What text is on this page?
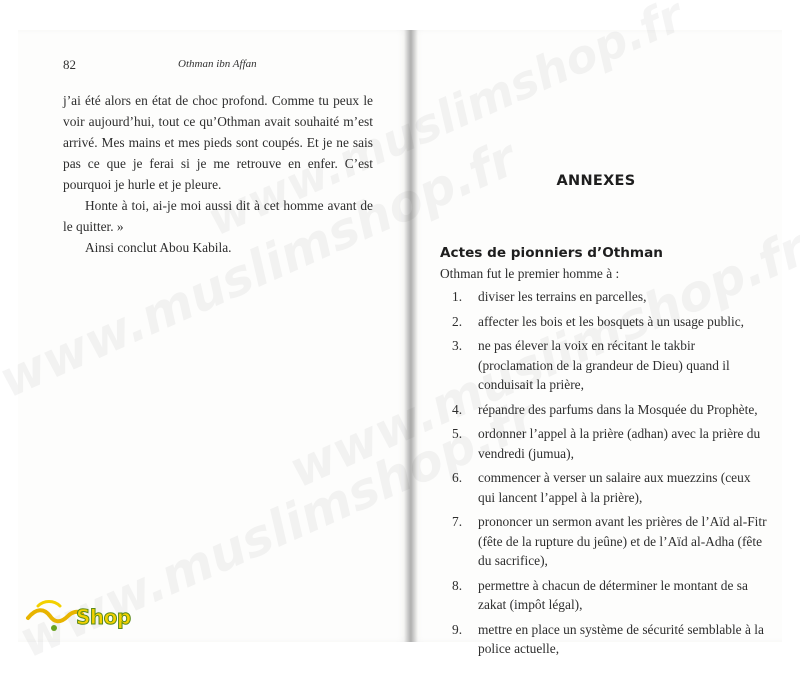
82	Othman ibn Affan

j’ai été alors en état de choc profond. Comme tu peux le voir aujourd’hui, tout ce qu’Othman avait souhaité m’est arrivé. Mes mains et mes pieds sont coupés. Et je ne sais pas ce que je ferai si je me retrouve en enfer. C’est pourquoi je hurle et je pleure.

Honte à toi, ai-je moi aussi dit à cet homme avant de le quitter. »

Ainsi conclut Abou Kabila.

ANNEXES
Actes de pionniers d’Othman
Othman fut le premier homme à :
1. diviser les terrains en parcelles,
2. affecter les bois et les bosquets à un usage public,
3. ne pas élever la voix en récitant le takbir (proclamation de la grandeur de Dieu) quand il conduisait la prière,
4. répandre des parfums dans la Mosquée du Prophète,
5. ordonner l’appel à la prière (adhan) avec la prière du vendredi (jumua),
6. commencer à verser un salaire aux muezzins (ceux qui lancent l’appel à la prière),
7. prononcer un sermon avant les prières de l’Aïd al-Fitr (fête de la rupture du jeûne) et de l’Aïd al-Adha (fête du sacrifice),
8. permettre à chacun de déterminer le montant de sa zakat (impôt légal),
9. mettre en place un système de sécurité semblable à la police actuelle,
Shop
